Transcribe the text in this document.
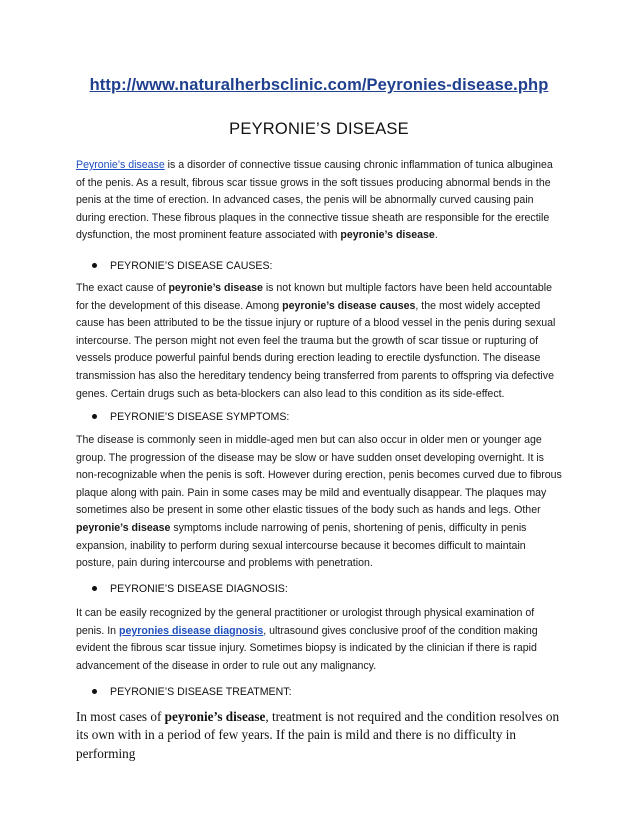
http://www.naturalherbsclinic.com/Peyronies-disease.php
PEYRONIE’S DISEASE

Peyronie’s disease is a disorder of connective tissue causing chronic inflammation of tunica albuginea of the penis. As a result, fibrous scar tissue grows in the soft tissues producing abnormal bends in the penis at the time of erection. In advanced cases, the penis will be abnormally curved causing pain during erection. These fibrous plaques in the connective tissue sheath are responsible for the erectile dysfunction, the most prominent feature associated with peyronie’s disease.

PEYRONIE’S DISEASE CAUSES:

The exact cause of peyronie’s disease is not known but multiple factors have been held accountable for the development of this disease. Among peyronie’s disease causes, the most widely accepted cause has been attributed to be the tissue injury or rupture of a blood vessel in the penis during sexual intercourse. The person might not even feel the trauma but the growth of scar tissue or rupturing of vessels produce powerful painful bends during erection leading to erectile dysfunction. The disease transmission has also the hereditary tendency being transferred from parents to offspring via defective genes. Certain drugs such as beta-blockers can also lead to this condition as its side-effect.

PEYRONIE’S DISEASE SYMPTOMS:

The disease is commonly seen in middle-aged men but can also occur in older men or younger age group. The progression of the disease may be slow or have sudden onset developing overnight. It is non-recognizable when the penis is soft. However during erection, penis becomes curved due to fibrous plaque along with pain. Pain in some cases may be mild and eventually disappear. The plaques may sometimes also be present in some other elastic tissues of the body such as hands and legs. Other peyronie’s disease symptoms include narrowing of penis, shortening of penis, difficulty in penis expansion, inability to perform during sexual intercourse because it becomes difficult to maintain posture, pain during intercourse and problems with penetration.

PEYRONIE’S DISEASE DIAGNOSIS:

It can be easily recognized by the general practitioner or urologist through physical examination of penis. In peyronies disease diagnosis, ultrasound gives conclusive proof of the condition making evident the fibrous scar tissue injury. Sometimes biopsy is indicated by the clinician if there is rapid advancement of the disease in order to rule out any malignancy.

PEYRONIE’S DISEASE TREATMENT:

In most cases of peyronie’s disease, treatment is not required and the condition resolves on its own with in a period of few years. If the pain is mild and there is no difficulty in performing
